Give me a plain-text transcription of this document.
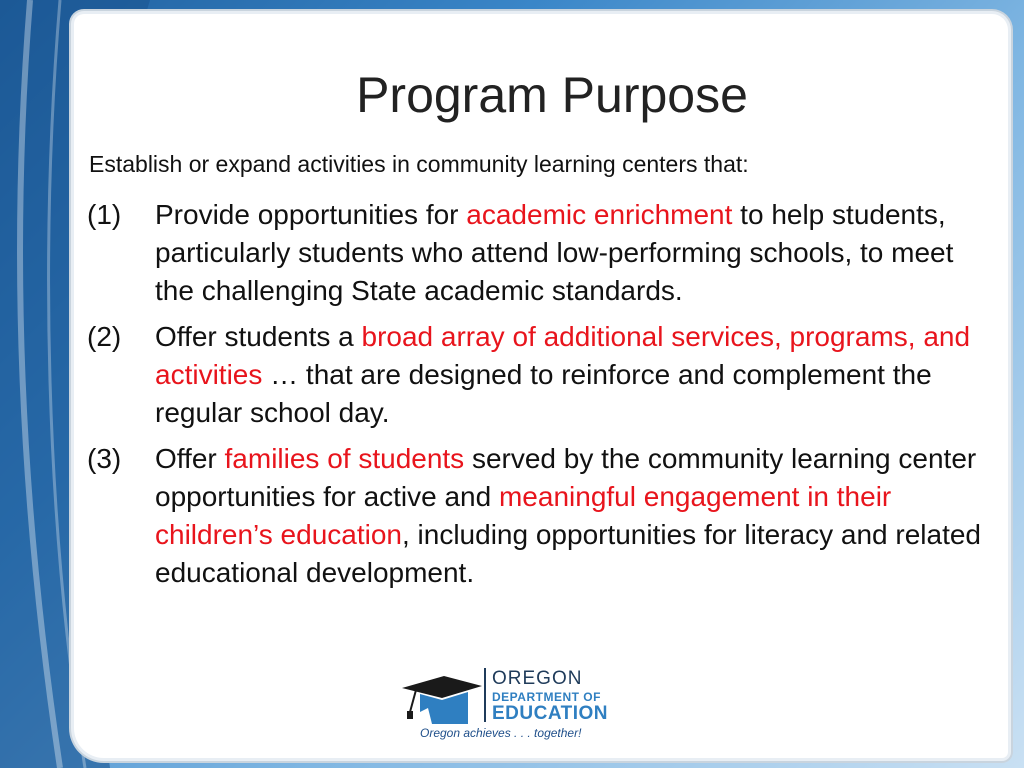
Program Purpose
Establish or expand activities in community learning centers that:
(1)	Provide opportunities for academic enrichment to help students, particularly students who attend low-performing schools, to meet the challenging State academic standards.
(2)	Offer students a broad array of additional services, programs, and activities … that are designed to reinforce and complement the regular school day.
(3)	Offer families of students served by the community learning center opportunities for active and meaningful engagement in their children’s education, including opportunities for literacy and related educational development.
OREGON
DEPARTMENT OF
EDUCATION
Oregon achieves . . . together!
